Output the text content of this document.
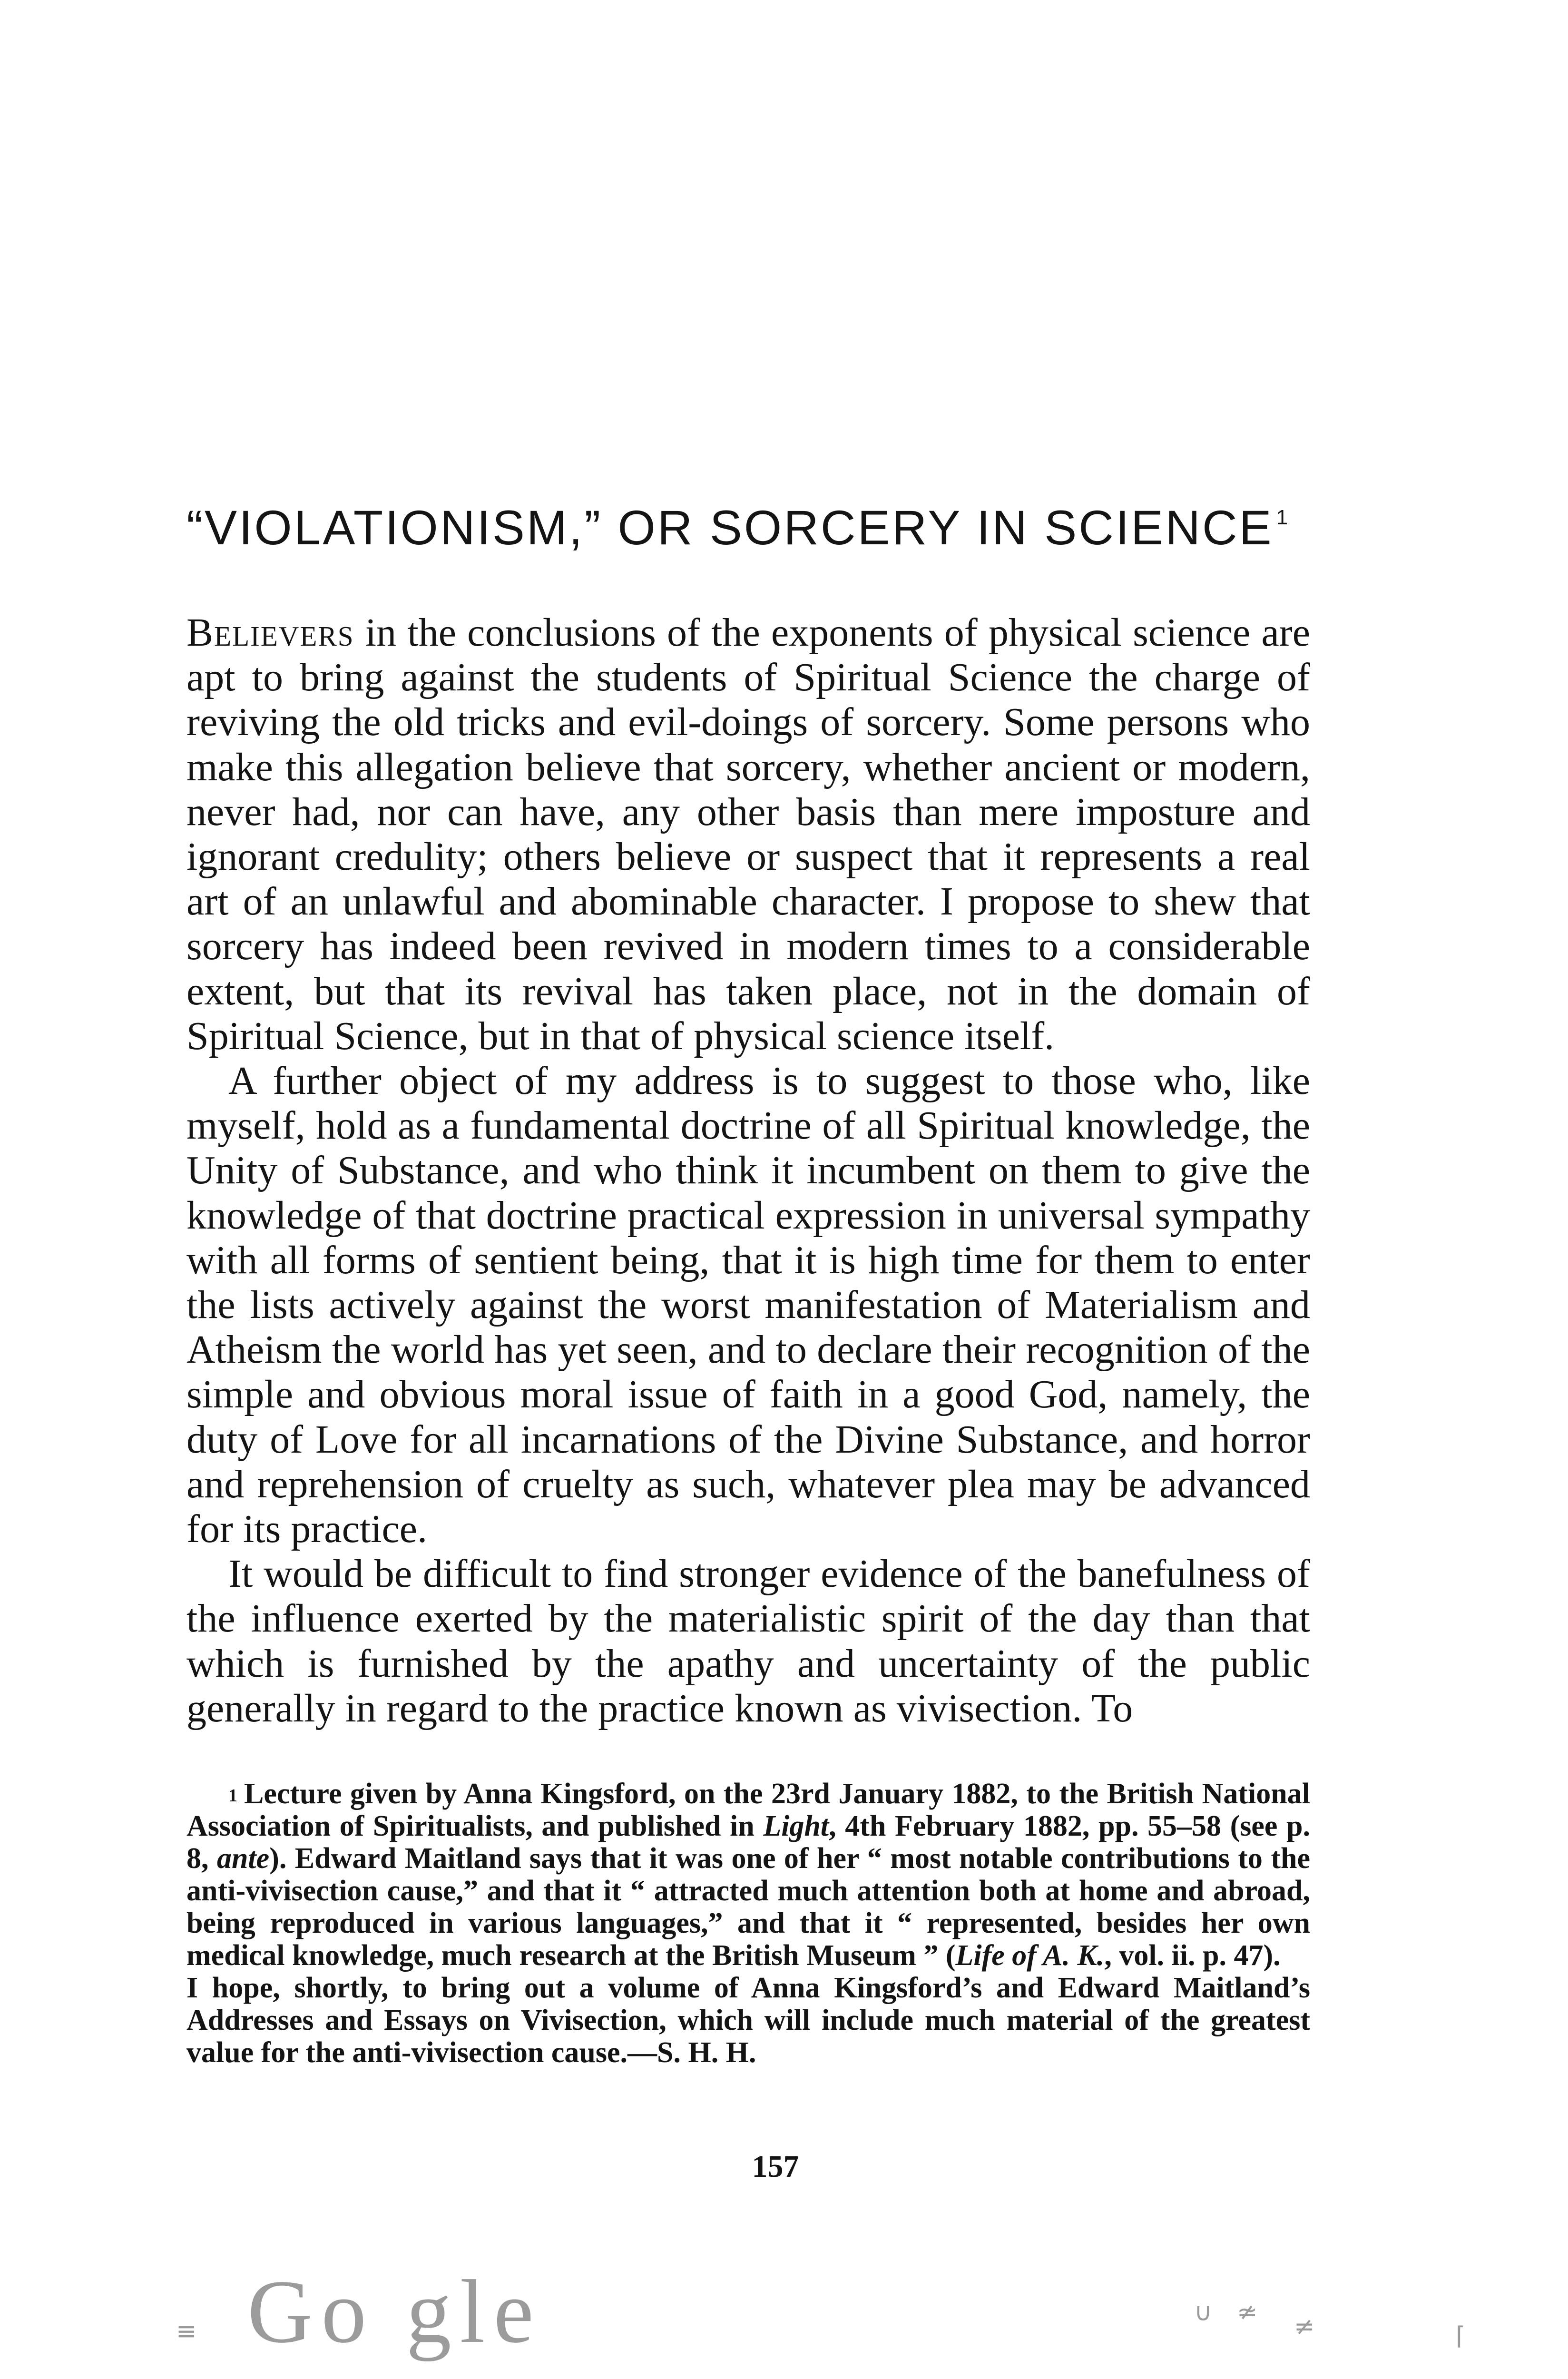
“VIOLATIONISM,” OR SORCERY IN SCIENCE $^1$

Believers in the conclusions of the exponents of physical science are apt to bring against the students of Spiritual Science the charge of reviving the old tricks and evil-doings of sorcery. Some persons who make this allegation believe that sorcery, whether ancient or modern, never had, nor can have, any other basis than mere imposture and ignorant credulity; others believe or suspect that it represents a real art of an unlawful and abominable character. I propose to shew that sorcery has indeed been revived in modern times to a considerable extent, but that its revival has taken place, not in the domain of Spiritual Science, but in that of physical science itself.

A further object of my address is to suggest to those who, like myself, hold as a fundamental doctrine of all Spiritual knowledge, the Unity of Substance, and who think it incumbent on them to give the knowledge of that doctrine practical expression in universal sympathy with all forms of sentient being, that it is high time for them to enter the lists actively against the worst manifestation of Materialism and Atheism the world has yet seen, and to declare their recognition of the simple and obvious moral issue of faith in a good God, namely, the duty of Love for all incarnations of the Divine Substance, and horror and reprehension of cruelty as such, whatever plea may be advanced for its practice.

It would be difficult to find stronger evidence of the banefulness of the influence exerted by the materialistic spirit of the day than that which is furnished by the apathy and uncertainty of the public generally in regard to the practice known as vivisection. To

$^1$ Lecture given by Anna Kingsford, on the 23rd January 1882, to the British National Association of Spiritualists, and published in Light, 4th February 1882, pp. 55–58 (see p. 8, ante). Edward Maitland says that it was one of her “ most notable contributions to the anti-vivisection cause,” and that it “ attracted much attention both at home and abroad, being reproduced in various languages,” and that it “ represented, besides her own medical knowledge, much research at the British Museum ” (Life of A. K., vol. ii. p. 47).

I hope, shortly, to bring out a volume of Anna Kingsford’s and Edward Maitland’s Addresses and Essays on Vivisection, which will include much material of the greatest value for the anti-vivisection cause.—S. H. H.

157
Go gle
≡
∪ ≄ ≠	⌈
